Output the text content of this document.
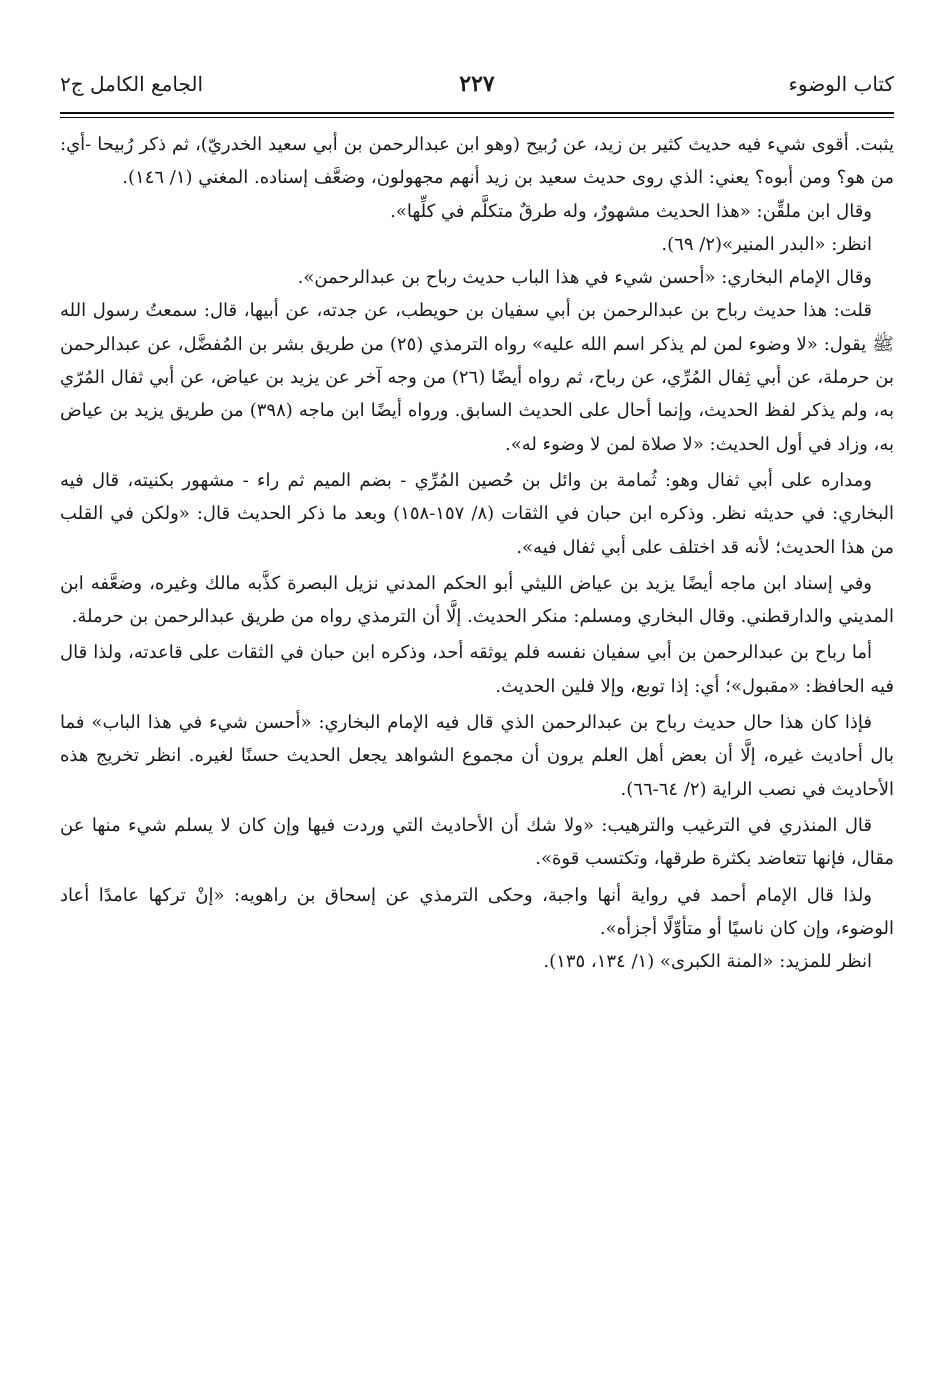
كتاب الوضوء
٢٢٧
الجامع الكامل ج٢

يثبت. أقوى شيء فيه حديث كثير بن زيد، عن رُبيح (وهو ابن عبدالرحمن بن أبي سعيد الخدريّ)، ثم ذكر رُبيحا -أي: من هو؟ ومن أبوه؟ يعني: الذي روى حديث سعيد بن زيد أنهم مجهولون، وضعَّف إسناده. المغني (١/ ١٤٦).

وقال ابن ملقِّن: «هذا الحديث مشهورٌ، وله طرقٌ متكلَّم في كلِّها».

انظر: «البدر المنير»(٢/ ٦٩).

وقال الإمام البخاري: «أحسن شيء في هذا الباب حديث رباح بن عبدالرحمن».

قلت: هذا حديث رباح بن عبدالرحمن بن أبي سفيان بن حويطب، عن جدته، عن أبيها، قال: سمعتُ رسول الله ﷺ يقول: «لا وضوء لمن لم يذكر اسم الله عليه» رواه الترمذي (٢٥) من طريق بشر بن المُفضَّل، عن عبدالرحمن بن حرملة، عن أبي ثِفال المُرِّي، عن رباح، ثم رواه أيضًا (٢٦) من وجه آخر عن يزيد بن عياض، عن أبي ثفال المُرّي به، ولم يذكر لفظ الحديث، وإنما أحال على الحديث السابق. ورواه أيضًا ابن ماجه (٣٩٨) من طريق يزيد بن عياض به، وزاد في أول الحديث: «لا صلاة لمن لا وضوء له».

ومداره على أبي ثفال وهو: ثُمامة بن وائل بن حُصين المُرِّي - بضم الميم ثم راء - مشهور بكنيته، قال فيه البخاري: في حديثه نظر. وذكره ابن حبان في الثقات (٨/ ١٥٧-١٥٨) وبعد ما ذكر الحديث قال: «ولكن في القلب من هذا الحديث؛ لأنه قد اختلف على أبي ثفال فيه».

وفي إسناد ابن ماجه أيضًا يزيد بن عياض الليثي أبو الحكم المدني نزيل البصرة كذَّبه مالك وغيره، وضعَّفه ابن المديني والدارقطني. وقال البخاري ومسلم: منكر الحديث. إلَّا أن الترمذي رواه من طريق عبدالرحمن بن حرملة.

أما رباح بن عبدالرحمن بن أبي سفيان نفسه فلم يوثقه أحد، وذكره ابن حبان في الثقات على قاعدته، ولذا قال فيه الحافظ: «مقبول»؛ أي: إذا توبع، وإلا فلين الحديث.

فإذا كان هذا حال حديث رباح بن عبدالرحمن الذي قال فيه الإمام البخاري: «أحسن شيء في هذا الباب» فما بال أحاديث غيره، إلَّا أن بعض أهل العلم يرون أن مجموع الشواهد يجعل الحديث حسنًا لغيره. انظر تخريج هذه الأحاديث في نصب الراية (٢/ ٦٤-٦٦).

قال المنذري في الترغيب والترهيب: «ولا شك أن الأحاديث التي وردت فيها وإن كان لا يسلم شيء منها عن مقال، فإنها تتعاضد بكثرة طرقها، وتكتسب قوة».

ولذا قال الإمام أحمد في رواية أنها واجبة، وحكى الترمذي عن إسحاق بن راهويه: «إنْ تركها عامدًا أعاد الوضوء، وإن كان ناسيًا أو متأوِّلًا أجزأه».

انظر للمزيد: «المنة الكبرى» (١/ ١٣٤، ١٣٥).
